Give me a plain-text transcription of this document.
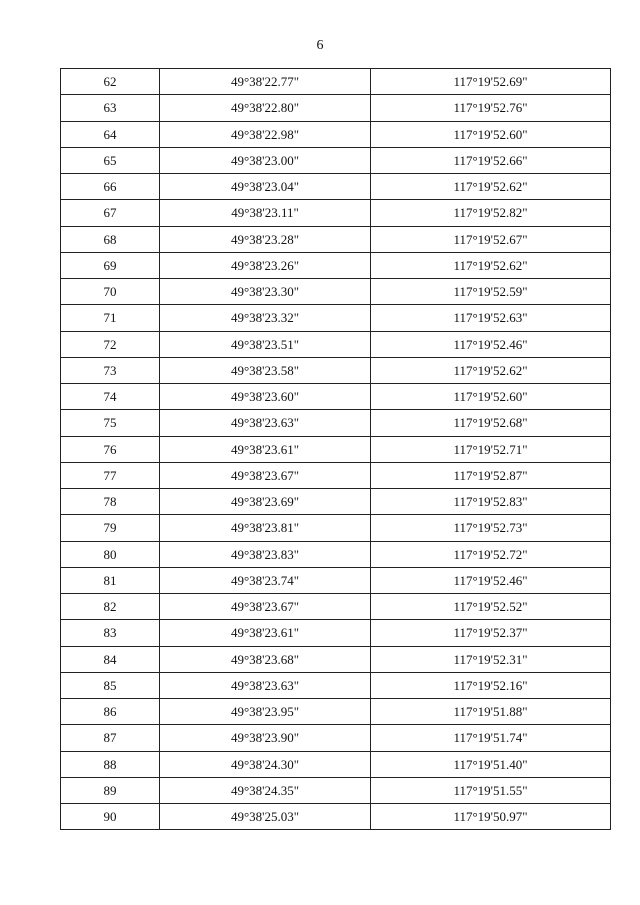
6
62	49°38'22.77"	117°19'52.69"
63	49°38'22.80"	117°19'52.76"
64	49°38'22.98"	117°19'52.60"
65	49°38'23.00"	117°19'52.66"
66	49°38'23.04"	117°19'52.62"
67	49°38'23.11"	117°19'52.82"
68	49°38'23.28"	117°19'52.67"
69	49°38'23.26"	117°19'52.62"
70	49°38'23.30"	117°19'52.59"
71	49°38'23.32"	117°19'52.63"
72	49°38'23.51"	117°19'52.46"
73	49°38'23.58"	117°19'52.62"
74	49°38'23.60"	117°19'52.60"
75	49°38'23.63"	117°19'52.68"
76	49°38'23.61"	117°19'52.71"
77	49°38'23.67"	117°19'52.87"
78	49°38'23.69"	117°19'52.83"
79	49°38'23.81"	117°19'52.73"
80	49°38'23.83"	117°19'52.72"
81	49°38'23.74"	117°19'52.46"
82	49°38'23.67"	117°19'52.52"
83	49°38'23.61"	117°19'52.37"
84	49°38'23.68"	117°19'52.31"
85	49°38'23.63"	117°19'52.16"
86	49°38'23.95"	117°19'51.88"
87	49°38'23.90"	117°19'51.74"
88	49°38'24.30"	117°19'51.40"
89	49°38'24.35"	117°19'51.55"
90	49°38'25.03"	117°19'50.97"
